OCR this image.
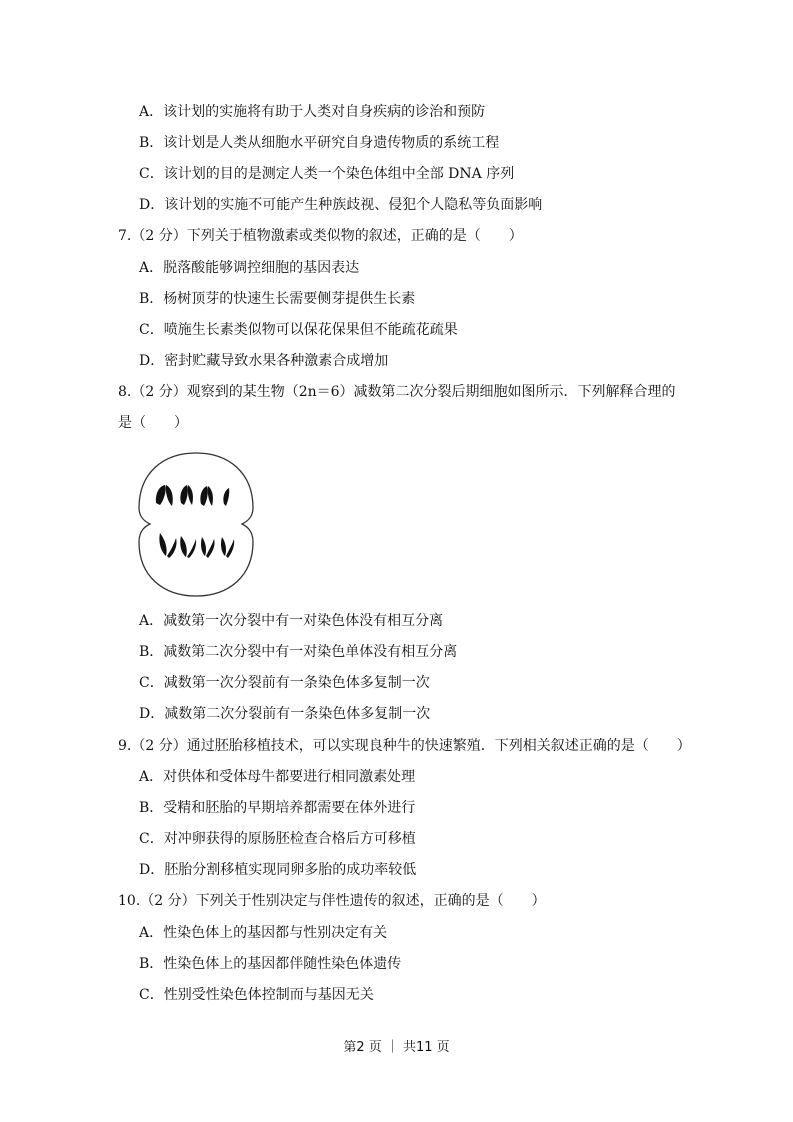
A．该计划的实施将有助于人类对自身疾病的诊治和预防
B．该计划是人类从细胞水平研究自身遗传物质的系统工程
C．该计划的目的是测定人类一个染色体组中全部 DNA 序列
D．该计划的实施不可能产生种族歧视、侵犯个人隐私等负面影响
7.（2 分）下列关于植物激素或类似物的叙述，正确的是（　　）
A．脱落酸能够调控细胞的基因表达
B．杨树顶芽的快速生长需要侧芽提供生长素
C．喷施生长素类似物可以保花保果但不能疏花疏果
D．密封贮藏导致水果各种激素合成增加
8.（2 分）观察到的某生物（2n＝6）减数第二次分裂后期细胞如图所示．下列解释合理的
是（　　）
A．减数第一次分裂中有一对染色体没有相互分离
B．减数第二次分裂中有一对染色单体没有相互分离
C．减数第一次分裂前有一条染色体多复制一次
D．减数第二次分裂前有一条染色体多复制一次
9.（2 分）通过胚胎移植技术，可以实现良种牛的快速繁殖．下列相关叙述正确的是（　　）
A．对供体和受体母牛都要进行相同激素处理
B．受精和胚胎的早期培养都需要在体外进行
C．对冲卵获得的原肠胚检查合格后方可移植
D．胚胎分割移植实现同卵多胎的成功率较低
10.（2 分）下列关于性别决定与伴性遗传的叙述，正确的是（　　）
A．性染色体上的基因都与性别决定有关
B．性染色体上的基因都伴随性染色体遗传
C．性别受性染色体控制而与基因无关
第2 页 ｜ 共11 页
